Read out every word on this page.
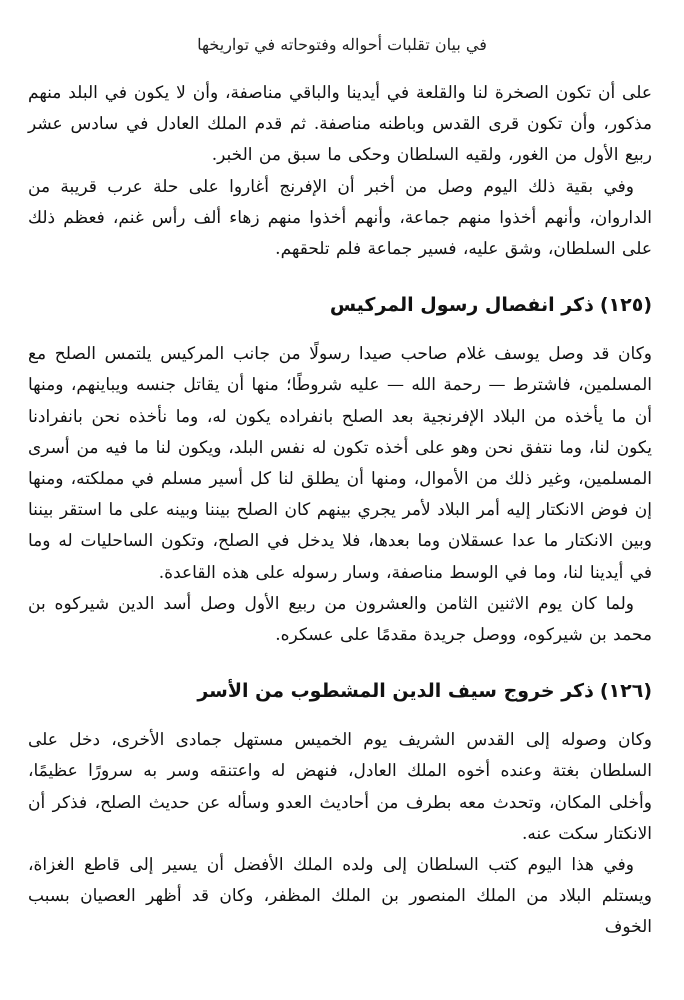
في بيان تقلبات أحواله وفتوحاته في تواريخها

على أن تكون الصخرة لنا والقلعة في أيدينا والباقي مناصفة، وأن لا يكون في البلد منهم مذكور، وأن تكون قرى القدس وباطنه مناصفة. ثم قدم الملك العادل في سادس عشر ربيع الأول من الغور، ولقيه السلطان وحكى ما سبق من الخبر.

وفي بقية ذلك اليوم وصل من أخبر أن الإفرنج أغاروا على حلة عرب قريبة من الداروان، وأنهم أخذوا منهم جماعة، وأنهم أخذوا منهم زهاء ألف رأس غنم، فعظم ذلك على السلطان، وشق عليه، فسير جماعة فلم تلحقهم.

(١٢٥)ذكر انفصال رسول المركيس

وكان قد وصل يوسف غلام صاحب صيدا رسولًا من جانب المركيس يلتمس الصلح مع المسلمين، فاشترط — رحمة الله — عليه شروطًا؛ منها أن يقاتل جنسه ويباينهم، ومنها أن ما يأخذه من البلاد الإفرنجية بعد الصلح بانفراده يكون له، وما نأخذه نحن بانفرادنا يكون لنا، وما نتفق نحن وهو على أخذه تكون له نفس البلد، ويكون لنا ما فيه من أسرى المسلمين، وغير ذلك من الأموال، ومنها أن يطلق لنا كل أسير مسلم في مملكته، ومنها إن فوض الانكتار إليه أمر البلاد لأمر يجري بينهم كان الصلح بيننا وبينه على ما استقر بيننا وبين الانكتار ما عدا عسقلان وما بعدها، فلا يدخل في الصلح، وتكون الساحليات له وما في أيدينا لنا، وما في الوسط مناصفة، وسار رسوله على هذه القاعدة.

ولما كان يوم الاثنين الثامن والعشرون من ربيع الأول وصل أسد الدين شيركوه بن محمد بن شيركوه، ووصل جريدة مقدمًا على عسكره.

(١٢٦)ذكر خروج سيف الدين المشطوب من الأسر

وكان وصوله إلى القدس الشريف يوم الخميس مستهل جمادى الأخرى، دخل على السلطان بغتة وعنده أخوه الملك العادل، فنهض له واعتنقه وسر به سرورًا عظيمًا، وأخلى المكان، وتحدث معه بطرف من أحاديث العدو وسأله عن حديث الصلح، فذكر أن الانكتار سكت عنه.

وفي هذا اليوم كتب السلطان إلى ولده الملك الأفضل أن يسير إلى قاطع الغزاة، ويستلم البلاد من الملك المنصور بن الملك المظفر، وكان قد أظهر العصيان بسبب الخوف
